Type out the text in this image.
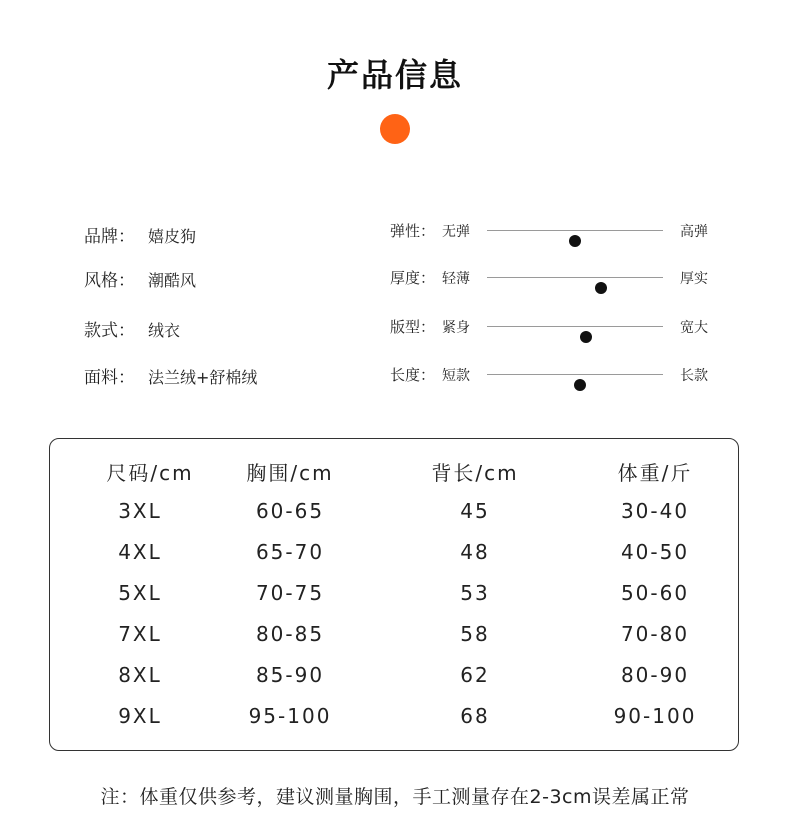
产品信息
品牌： 嬉皮狗
风格： 潮酷风
款式： 绒衣
面料： 法兰绒+舒棉绒
弹性： 无弹	高弹
厚度： 轻薄	厚实
版型： 紧身	宽大
长度： 短款	长款
尺码/cm	胸围/cm	背长/cm	体重/斤
3XL	60-65	45	30-40
4XL	65-70	48	40-50
5XL	70-75	53	50-60
7XL	80-85	58	70-80
8XL	85-90	62	80-90
9XL	95-100	68	90-100
注：体重仅供参考，建议测量胸围，手工测量存在2-3cm误差属正常
